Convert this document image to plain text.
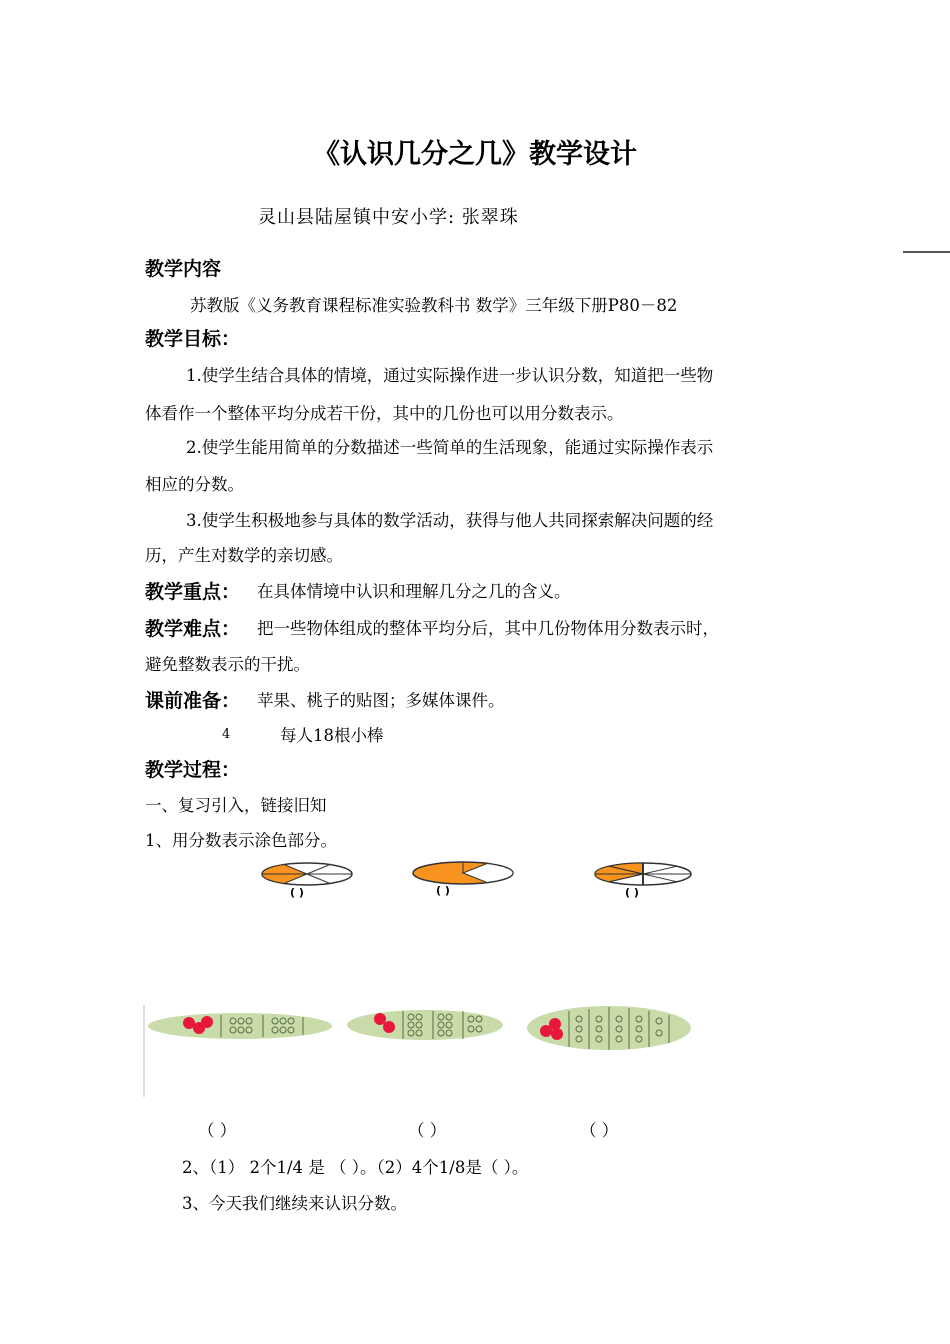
《认识几分之几》教学设计
灵山县陆屋镇中安小学: 张翠珠
教学内容
苏教版《义务教育课程标准实验教科书 数学》三年级下册P80－82
教学目标：
1.使学生结合具体的情境，通过实际操作进一步认识分数，知道把一些物
体看作一个整体平均分成若干份，其中的几份也可以用分数表示。
2.使学生能用简单的分数描述一些简单的生活现象，能通过实际操作表示
相应的分数。
3.使学生积极地参与具体的数学活动，获得与他人共同探索解决问题的经
历，产生对数学的亲切感。
教学重点： 在具体情境中认识和理解几分之几的含义。
教学难点： 把一些物体组成的整体平均分后，其中几份物体用分数表示时，
避免整数表示的干扰。
课前准备： 苹果、桃子的贴图；多媒体课件。
4	每人18根小棒
教学过程：
一、复习引入，链接旧知
1、用分数表示涂色部分。
( )	( )	( )
（ ）	（ ）	（ ）
2、（1） 2个1/4 是 （ ）。（2）4个1/8是（ ）。
3、今天我们继续来认识分数。
